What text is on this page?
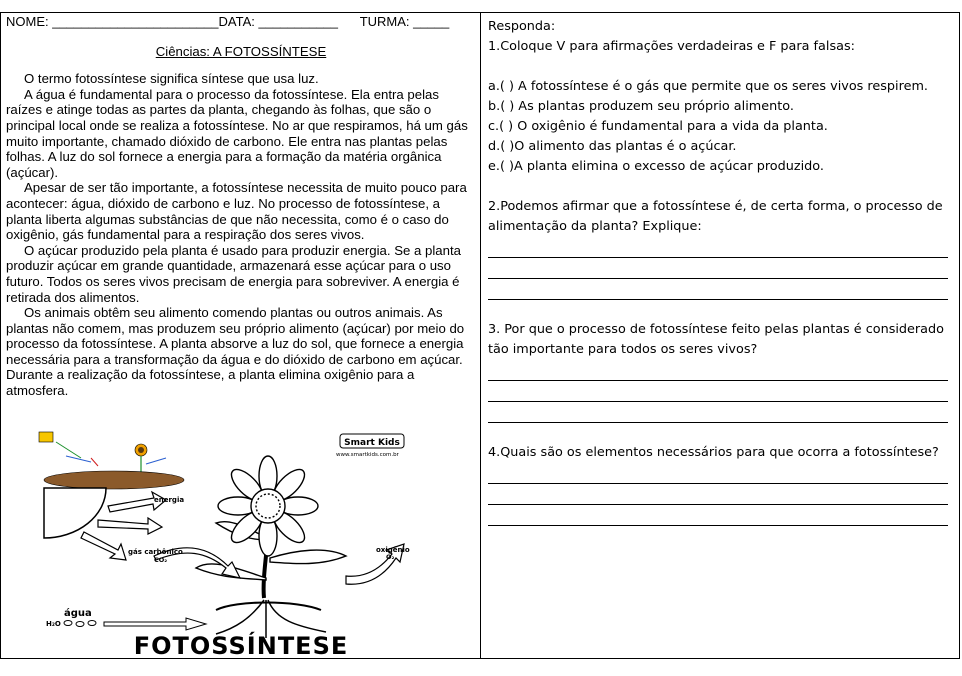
NOME: _______________________DATA: ___________ TURMA: _____
Ciências: A FOTOSSÍNTESE

O termo fotossíntese significa síntese que usa luz.

A água é fundamental para o processo da fotossíntese. Ela entra pelas raízes e atinge todas as partes da planta, chegando às folhas, que são o principal local onde se realiza a fotossíntese. No ar que respiramos, há um gás muito importante, chamado dióxido de carbono. Ele entra nas plantas pelas folhas. A luz do sol fornece a energia para a formação da matéria orgânica (açúcar).

Apesar de ser tão importante, a fotossíntese necessita de muito pouco para acontecer: água, dióxido de carbono e luz. No processo de fotossíntese, a planta liberta algumas substâncias de que não necessita, como é o caso do oxigênio, gás fundamental para a respiração dos seres vivos.

O açúcar produzido pela planta é usado para produzir energia. Se a planta produzir açúcar em grande quantidade, armazenará esse açúcar para o uso futuro. Todos os seres vivos precisam de energia para sobreviver. A energia é retirada dos alimentos.

Os animais obtêm seu alimento comendo plantas ou outros animais. As plantas não comem, mas produzem seu próprio alimento (açúcar) por meio do processo da fotossíntese. A planta absorve a luz do sol, que fornece a energia necessária para a transformação da água e do dióxido de carbono em açúcar. Durante a realização da fotossíntese, a planta elimina oxigênio para a atmosfera.

Smart Kids
www.smartkids.com.br
energia
gás carbônico
CO₂
oxigênio
O₂
água
H₂O
FOTOSSÍNTESE

Responda:

1.Coloque V para afirmações verdadeiras e F para falsas:

a.( ) A fotossíntese é o gás que permite que os seres vivos respirem.

b.( ) As plantas produzem seu próprio alimento.

c.( ) O oxigênio é fundamental para a vida da planta.

d.( )O alimento das plantas é o açúcar.

e.( )A planta elimina o excesso de açúcar produzido.

2.Podemos afirmar que a fotossíntese é, de certa forma, o processo de alimentação da planta? Explique:

3. Por que o processo de fotossíntese feito pelas plantas é considerado tão importante para todos os seres vivos?

4.Quais são os elementos necessários para que ocorra a fotossíntese?
